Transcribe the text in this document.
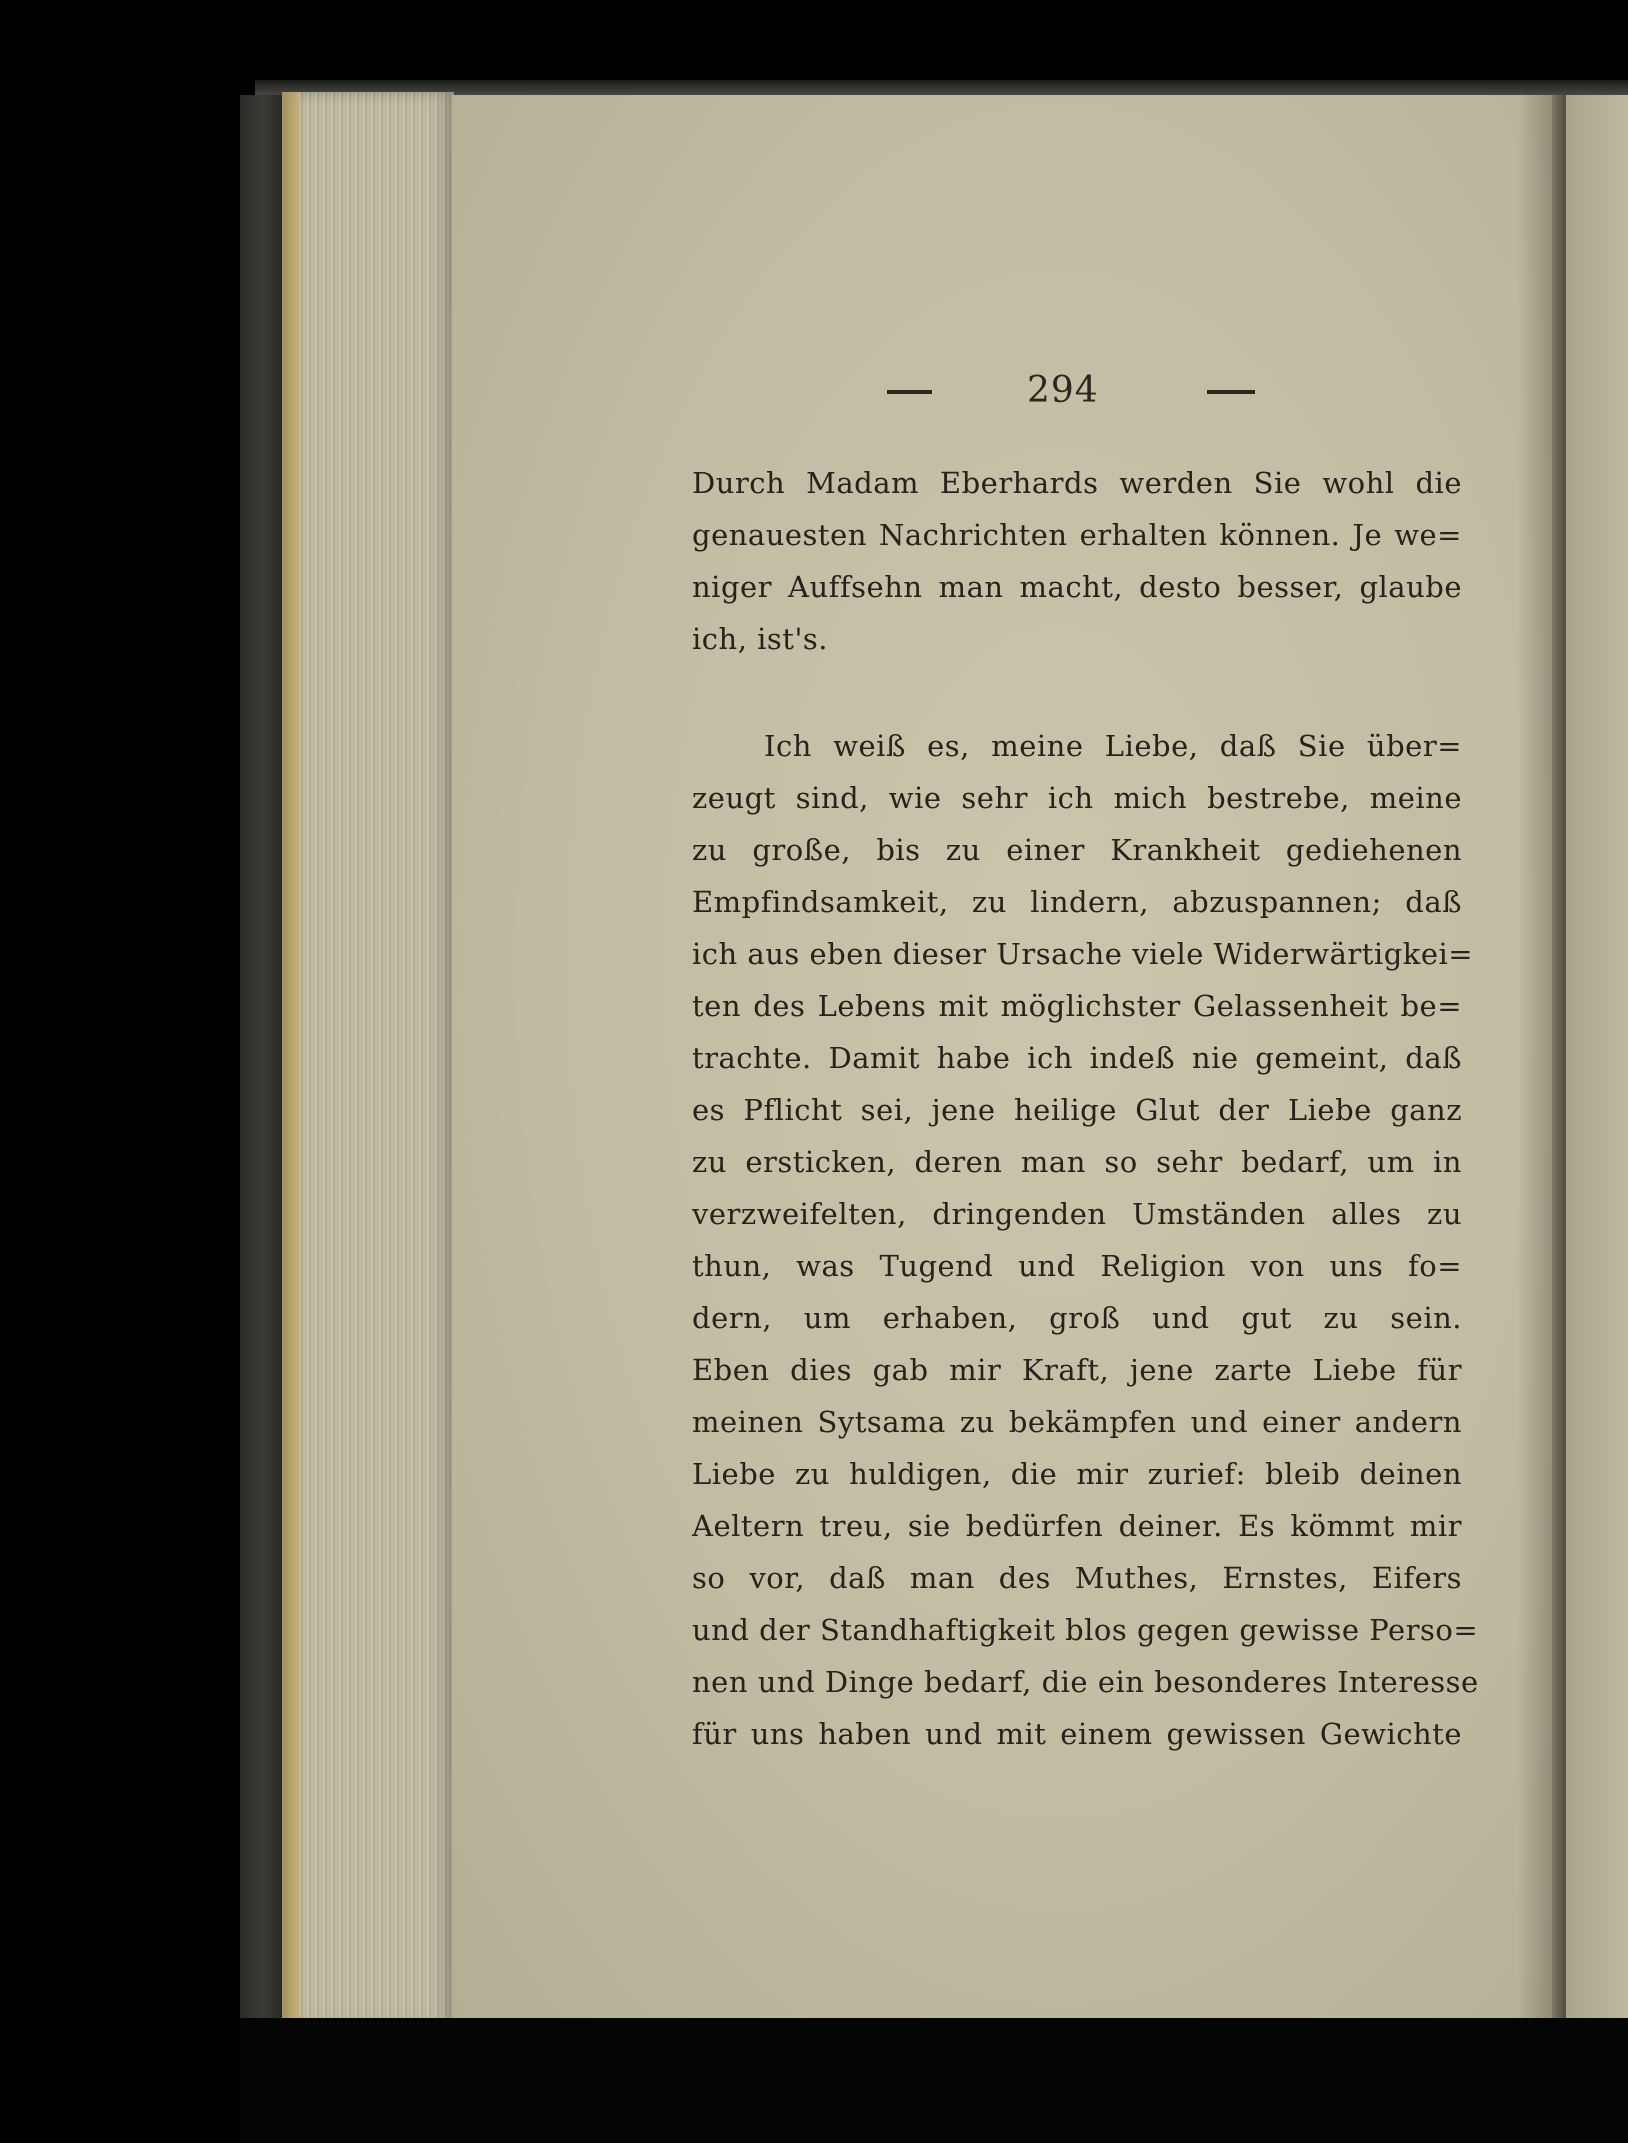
294
Durch Madam Eberhards werden Sie wohl die
genauesten Nachrichten erhalten können. Je we=
niger Auffsehn man macht, desto besser, glaube
ich, ist's.
Ich weiß es, meine Liebe, daß Sie über=
zeugt sind, wie sehr ich mich bestrebe, meine
zu große, bis zu einer Krankheit gediehenen
Empfindsamkeit, zu lindern, abzuspannen; daß
ich aus eben dieser Ursache viele Widerwärtigkei=
ten des Lebens mit möglichster Gelassenheit be=
trachte. Damit habe ich indeß nie gemeint, daß
es Pflicht sei, jene heilige Glut der Liebe ganz
zu ersticken, deren man so sehr bedarf, um in
verzweifelten, dringenden Umständen alles zu
thun, was Tugend und Religion von uns fo=
dern, um erhaben, groß und gut zu sein.
Eben dies gab mir Kraft, jene zarte Liebe für
meinen Sytsama zu bekämpfen und einer andern
Liebe zu huldigen, die mir zurief: bleib deinen
Aeltern treu, sie bedürfen deiner. Es kömmt mir
so vor, daß man des Muthes, Ernstes, Eifers
und der Standhaftigkeit blos gegen gewisse Perso=
nen und Dinge bedarf, die ein besonderes Interesse
für uns haben und mit einem gewissen Gewichte
